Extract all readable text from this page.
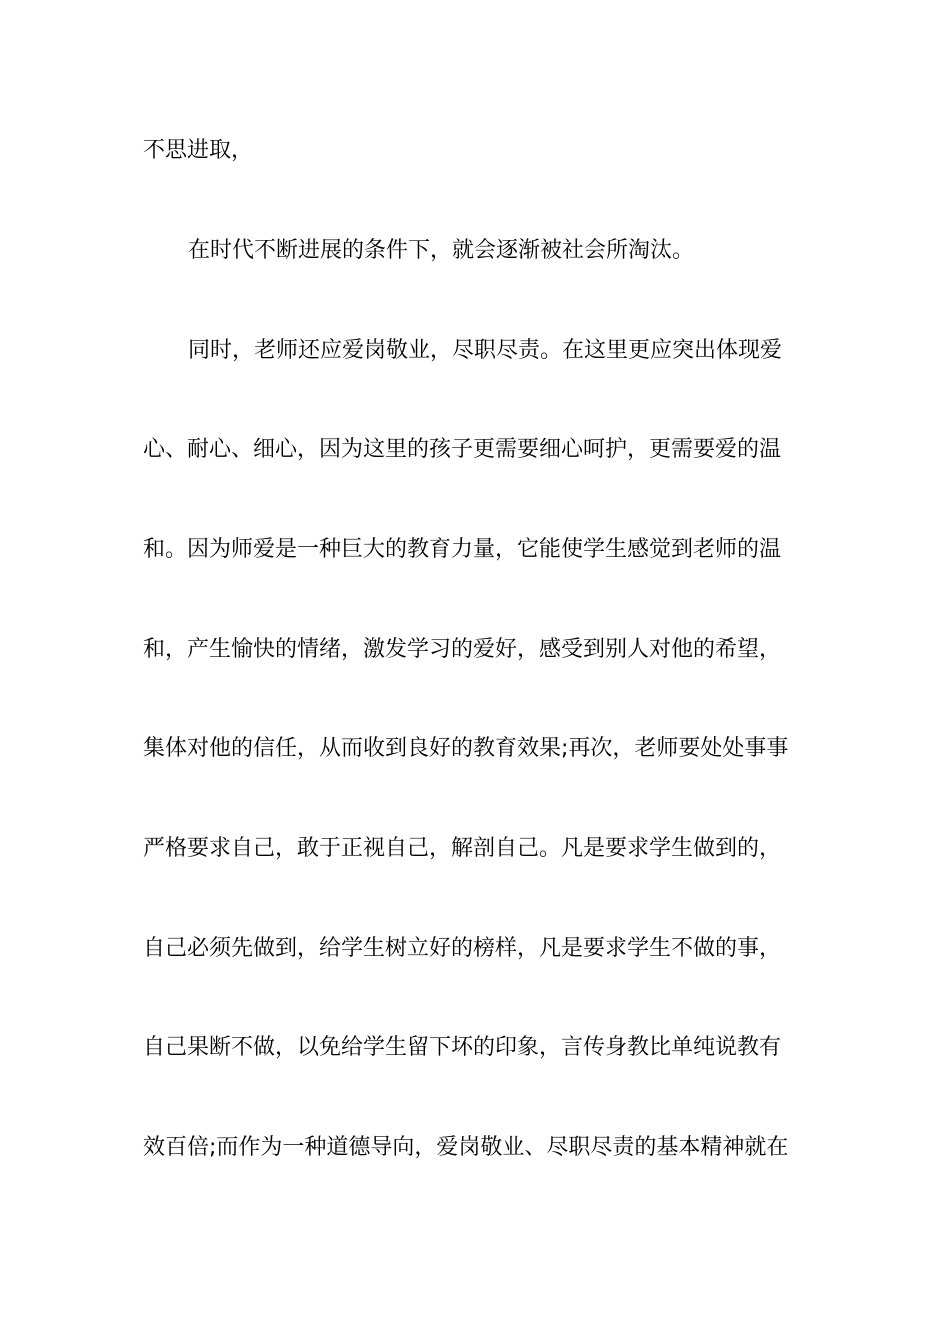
不思进取，
在时代不断进展的条件下，就会逐渐被社会所淘汰。
同时，老师还应爱岗敬业，尽职尽责。在这里更应突出体现爱
心、耐心、细心，因为这里的孩子更需要细心呵护，更需要爱的温
和。因为师爱是一种巨大的教育力量，它能使学生感觉到老师的温
和，产生愉快的情绪，激发学习的爱好，感受到别人对他的希望，
集体对他的信任，从而收到良好的教育效果;再次，老师要处处事事
严格要求自己，敢于正视自己，解剖自己。凡是要求学生做到的，
自己必须先做到，给学生树立好的榜样，凡是要求学生不做的事，
自己果断不做，以免给学生留下坏的印象，言传身教比单纯说教有
效百倍;而作为一种道德导向，爱岗敬业、尽职尽责的基本精神就在
